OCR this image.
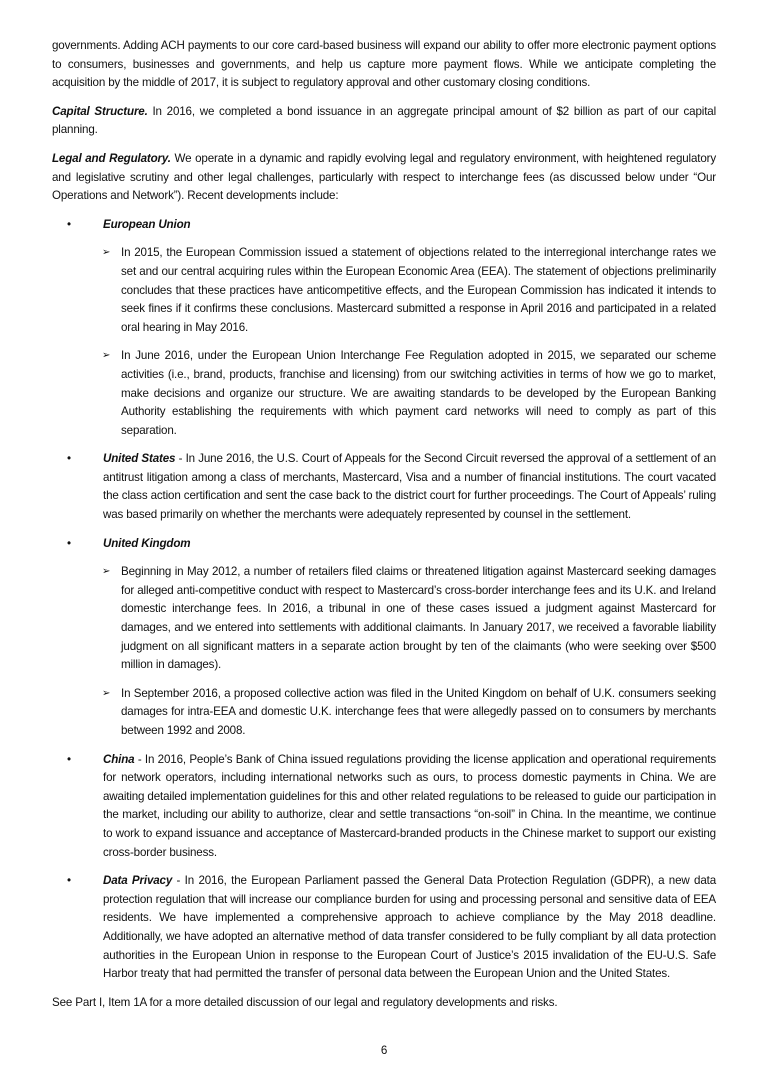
governments. Adding ACH payments to our core card-based business will expand our ability to offer more electronic payment options to consumers, businesses and governments, and help us capture more payment flows. While we anticipate completing the acquisition by the middle of 2017, it is subject to regulatory approval and other customary closing conditions.
Capital Structure. In 2016, we completed a bond issuance in an aggregate principal amount of $2 billion as part of our capital planning.
Legal and Regulatory. We operate in a dynamic and rapidly evolving legal and regulatory environment, with heightened regulatory and legislative scrutiny and other legal challenges, particularly with respect to interchange fees (as discussed below under “Our Operations and Network”). Recent developments include:
•	European Union
➢ In 2015, the European Commission issued a statement of objections related to the interregional interchange rates we set and our central acquiring rules within the European Economic Area (EEA). The statement of objections preliminarily concludes that these practices have anticompetitive effects, and the European Commission has indicated it intends to seek fines if it confirms these conclusions. Mastercard submitted a response in April 2016 and participated in a related oral hearing in May 2016.
➢ In June 2016, under the European Union Interchange Fee Regulation adopted in 2015, we separated our scheme activities (i.e., brand, products, franchise and licensing) from our switching activities in terms of how we go to market, make decisions and organize our structure. We are awaiting standards to be developed by the European Banking Authority establishing the requirements with which payment card networks will need to comply as part of this separation.
•	United States - In June 2016, the U.S. Court of Appeals for the Second Circuit reversed the approval of a settlement of an antitrust litigation among a class of merchants, Mastercard, Visa and a number of financial institutions. The court vacated the class action certification and sent the case back to the district court for further proceedings. The Court of Appeals’ ruling was based primarily on whether the merchants were adequately represented by counsel in the settlement.
•	United Kingdom
➢ Beginning in May 2012, a number of retailers filed claims or threatened litigation against Mastercard seeking damages for alleged anti-competitive conduct with respect to Mastercard’s cross-border interchange fees and its U.K. and Ireland domestic interchange fees. In 2016, a tribunal in one of these cases issued a judgment against Mastercard for damages, and we entered into settlements with additional claimants. In January 2017, we received a favorable liability judgment on all significant matters in a separate action brought by ten of the claimants (who were seeking over $500 million in damages).
➢ In September 2016, a proposed collective action was filed in the United Kingdom on behalf of U.K. consumers seeking damages for intra-EEA and domestic U.K. interchange fees that were allegedly passed on to consumers by merchants between 1992 and 2008.
•	China - In 2016, People’s Bank of China issued regulations providing the license application and operational requirements for network operators, including international networks such as ours, to process domestic payments in China. We are awaiting detailed implementation guidelines for this and other related regulations to be released to guide our participation in the market, including our ability to authorize, clear and settle transactions “on-soil” in China. In the meantime, we continue to work to expand issuance and acceptance of Mastercard-branded products in the Chinese market to support our existing cross-border business.
•	Data Privacy - In 2016, the European Parliament passed the General Data Protection Regulation (GDPR), a new data protection regulation that will increase our compliance burden for using and processing personal and sensitive data of EEA residents. We have implemented a comprehensive approach to achieve compliance by the May 2018 deadline. Additionally, we have adopted an alternative method of data transfer considered to be fully compliant by all data protection authorities in the European Union in response to the European Court of Justice’s 2015 invalidation of the EU-U.S. Safe Harbor treaty that had permitted the transfer of personal data between the European Union and the United States.
See Part I, Item 1A for a more detailed discussion of our legal and regulatory developments and risks.
6
